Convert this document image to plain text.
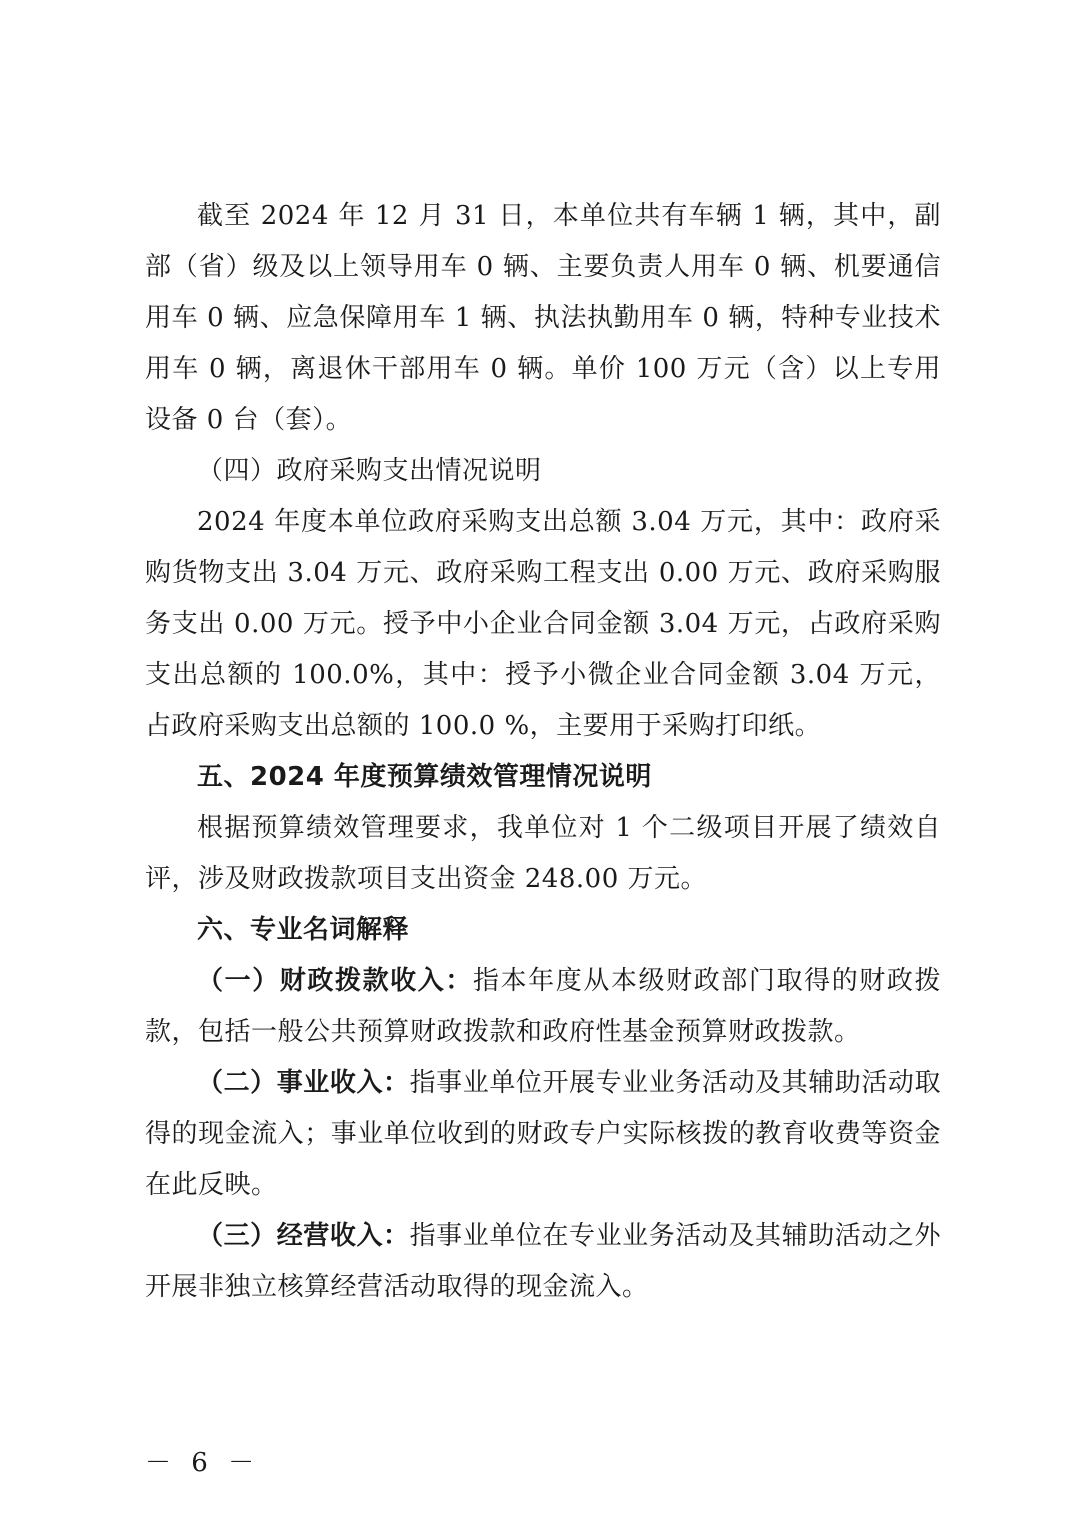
截至 2024 年 12 月 31 日，本单位共有车辆 1 辆，其中，副部（省）级及以上领导用车 0 辆、主要负责人用车 0 辆、机要通信用车 0 辆、应急保障用车 1 辆、执法执勤用车 0 辆，特种专业技术用车 0 辆，离退休干部用车 0 辆。单价 100 万元（含）以上专用设备 0 台（套）。

（四）政府采购支出情况说明

2024 年度本单位政府采购支出总额 3.04 万元，其中：政府采购货物支出 3.04 万元、政府采购工程支出 0.00 万元、政府采购服务支出 0.00 万元。授予中小企业合同金额 3.04 万元，占政府采购支出总额的 100.0%，其中：授予小微企业合同金额 3.04 万元，占政府采购支出总额的 100.0 %，主要用于采购打印纸。

五、2024 年度预算绩效管理情况说明

根据预算绩效管理要求，我单位对 1 个二级项目开展了绩效自评，涉及财政拨款项目支出资金 248.00 万元。

六、专业名词解释

（一）财政拨款收入：指本年度从本级财政部门取得的财政拨款，包括一般公共预算财政拨款和政府性基金预算财政拨款。

（二）事业收入：指事业单位开展专业业务活动及其辅助活动取得的现金流入；事业单位收到的财政专户实际核拨的教育收费等资金在此反映。

（三）经营收入：指事业单位在专业业务活动及其辅助活动之外开展非独立核算经营活动取得的现金流入。

－ 6 －
